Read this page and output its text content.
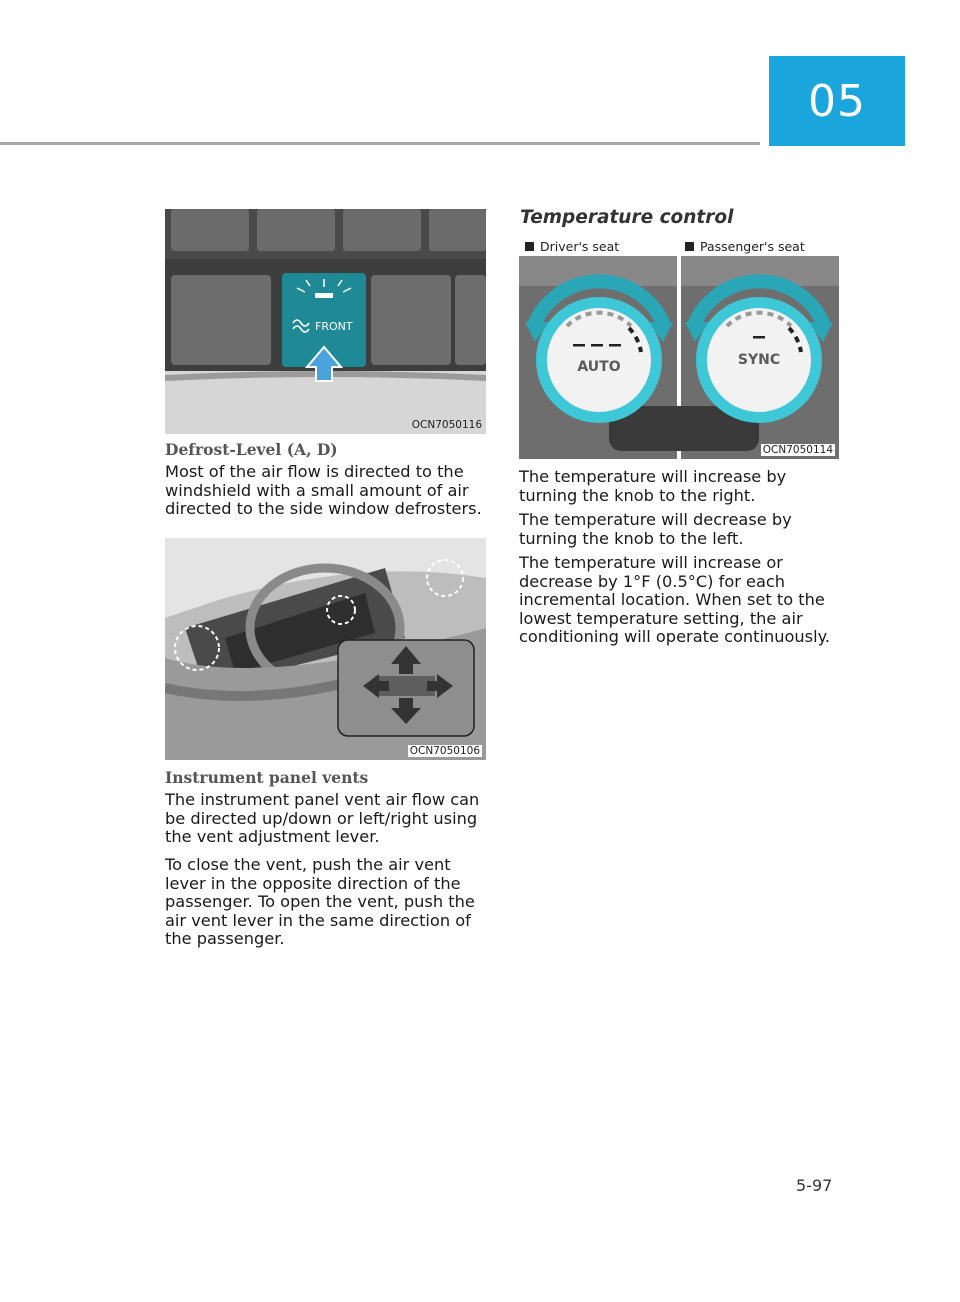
05
FRONT
OCN7050116
Defrost-Level (A, D)

Most of the air flow is directed to the windshield with a small amount of air directed to the side window defrosters.

OCN7050106
Instrument panel vents

The instrument panel vent air flow can be directed up/down or left/right using the vent adjustment lever.

To close the vent, push the air vent lever in the opposite direction of the passenger. To open the vent, push the air vent lever in the same direction of the passenger.

Temperature control
Driver's seat	Passenger's seat
AUTO	SYNC
OCN7050114

The temperature will increase by turning the knob to the right.

The temperature will decrease by turning the knob to the left.

The temperature will increase or decrease by 1°F (0.5°C) for each incremental location. When set to the lowest temperature setting, the air conditioning will operate continuously.

5-97
